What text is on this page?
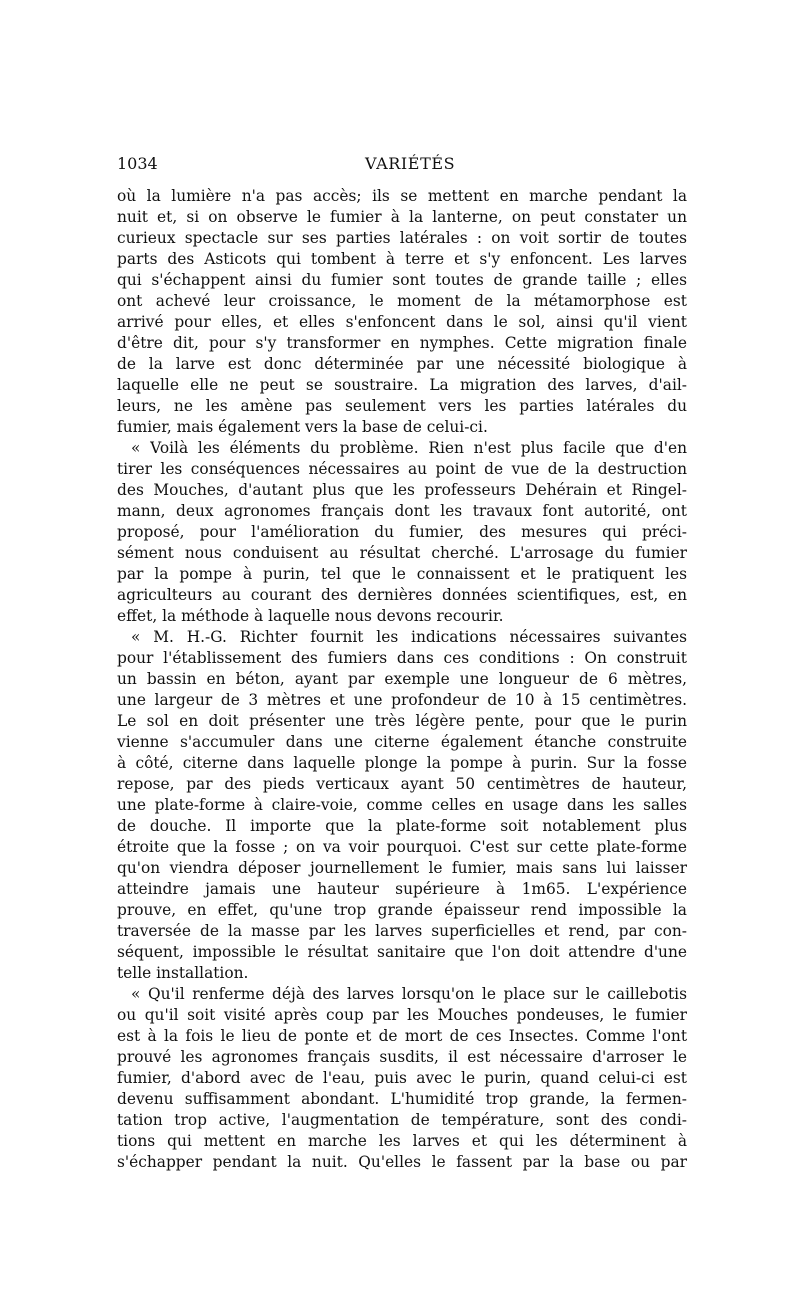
1034	VARIÉTÉS
où la lumière n'a pas accès; ils se mettent en marche pendant la
nuit et, si on observe le fumier à la lanterne, on peut constater un
curieux spectacle sur ses parties latérales : on voit sortir de toutes
parts des Asticots qui tombent à terre et s'y enfoncent. Les larves
qui s'échappent ainsi du fumier sont toutes de grande taille ; elles
ont achevé leur croissance, le moment de la métamorphose est
arrivé pour elles, et elles s'enfoncent dans le sol, ainsi qu'il vient
d'être dit, pour s'y transformer en nymphes. Cette migration finale
de la larve est donc déterminée par une nécessité biologique à
laquelle elle ne peut se soustraire. La migration des larves, d'ail-
leurs, ne les amène pas seulement vers les parties latérales du
fumier, mais également vers la base de celui-ci.
« Voilà les éléments du problème. Rien n'est plus facile que d'en
tirer les conséquences nécessaires au point de vue de la destruction
des Mouches, d'autant plus que les professeurs Dehérain et Ringel-
mann, deux agronomes français dont les travaux font autorité, ont
proposé, pour l'amélioration du fumier, des mesures qui préci-
sément nous conduisent au résultat cherché. L'arrosage du fumier
par la pompe à purin, tel que le connaissent et le pratiquent les
agriculteurs au courant des dernières données scientifiques, est, en
effet, la méthode à laquelle nous devons recourir.
« M. H.-G. Richter fournit les indications nécessaires suivantes
pour l'établissement des fumiers dans ces conditions : On construit
un bassin en béton, ayant par exemple une longueur de 6 mètres,
une largeur de 3 mètres et une profondeur de 10 à 15 centimètres.
Le sol en doit présenter une très légère pente, pour que le purin
vienne s'accumuler dans une citerne également étanche construite
à côté, citerne dans laquelle plonge la pompe à purin. Sur la fosse
repose, par des pieds verticaux ayant 50 centimètres de hauteur,
une plate-forme à claire-voie, comme celles en usage dans les salles
de douche. Il importe que la plate-forme soit notablement plus
étroite que la fosse ; on va voir pourquoi. C'est sur cette plate-forme
qu'on viendra déposer journellement le fumier, mais sans lui laisser
atteindre jamais une hauteur supérieure à 1m65. L'expérience
prouve, en effet, qu'une trop grande épaisseur rend impossible la
traversée de la masse par les larves superficielles et rend, par con-
séquent, impossible le résultat sanitaire que l'on doit attendre d'une
telle installation.
« Qu'il renferme déjà des larves lorsqu'on le place sur le caillebotis
ou qu'il soit visité après coup par les Mouches pondeuses, le fumier
est à la fois le lieu de ponte et de mort de ces Insectes. Comme l'ont
prouvé les agronomes français susdits, il est nécessaire d'arroser le
fumier, d'abord avec de l'eau, puis avec le purin, quand celui-ci est
devenu suffisamment abondant. L'humidité trop grande, la fermen-
tation trop active, l'augmentation de température, sont des condi-
tions qui mettent en marche les larves et qui les déterminent à
s'échapper pendant la nuit. Qu'elles le fassent par la base ou par
